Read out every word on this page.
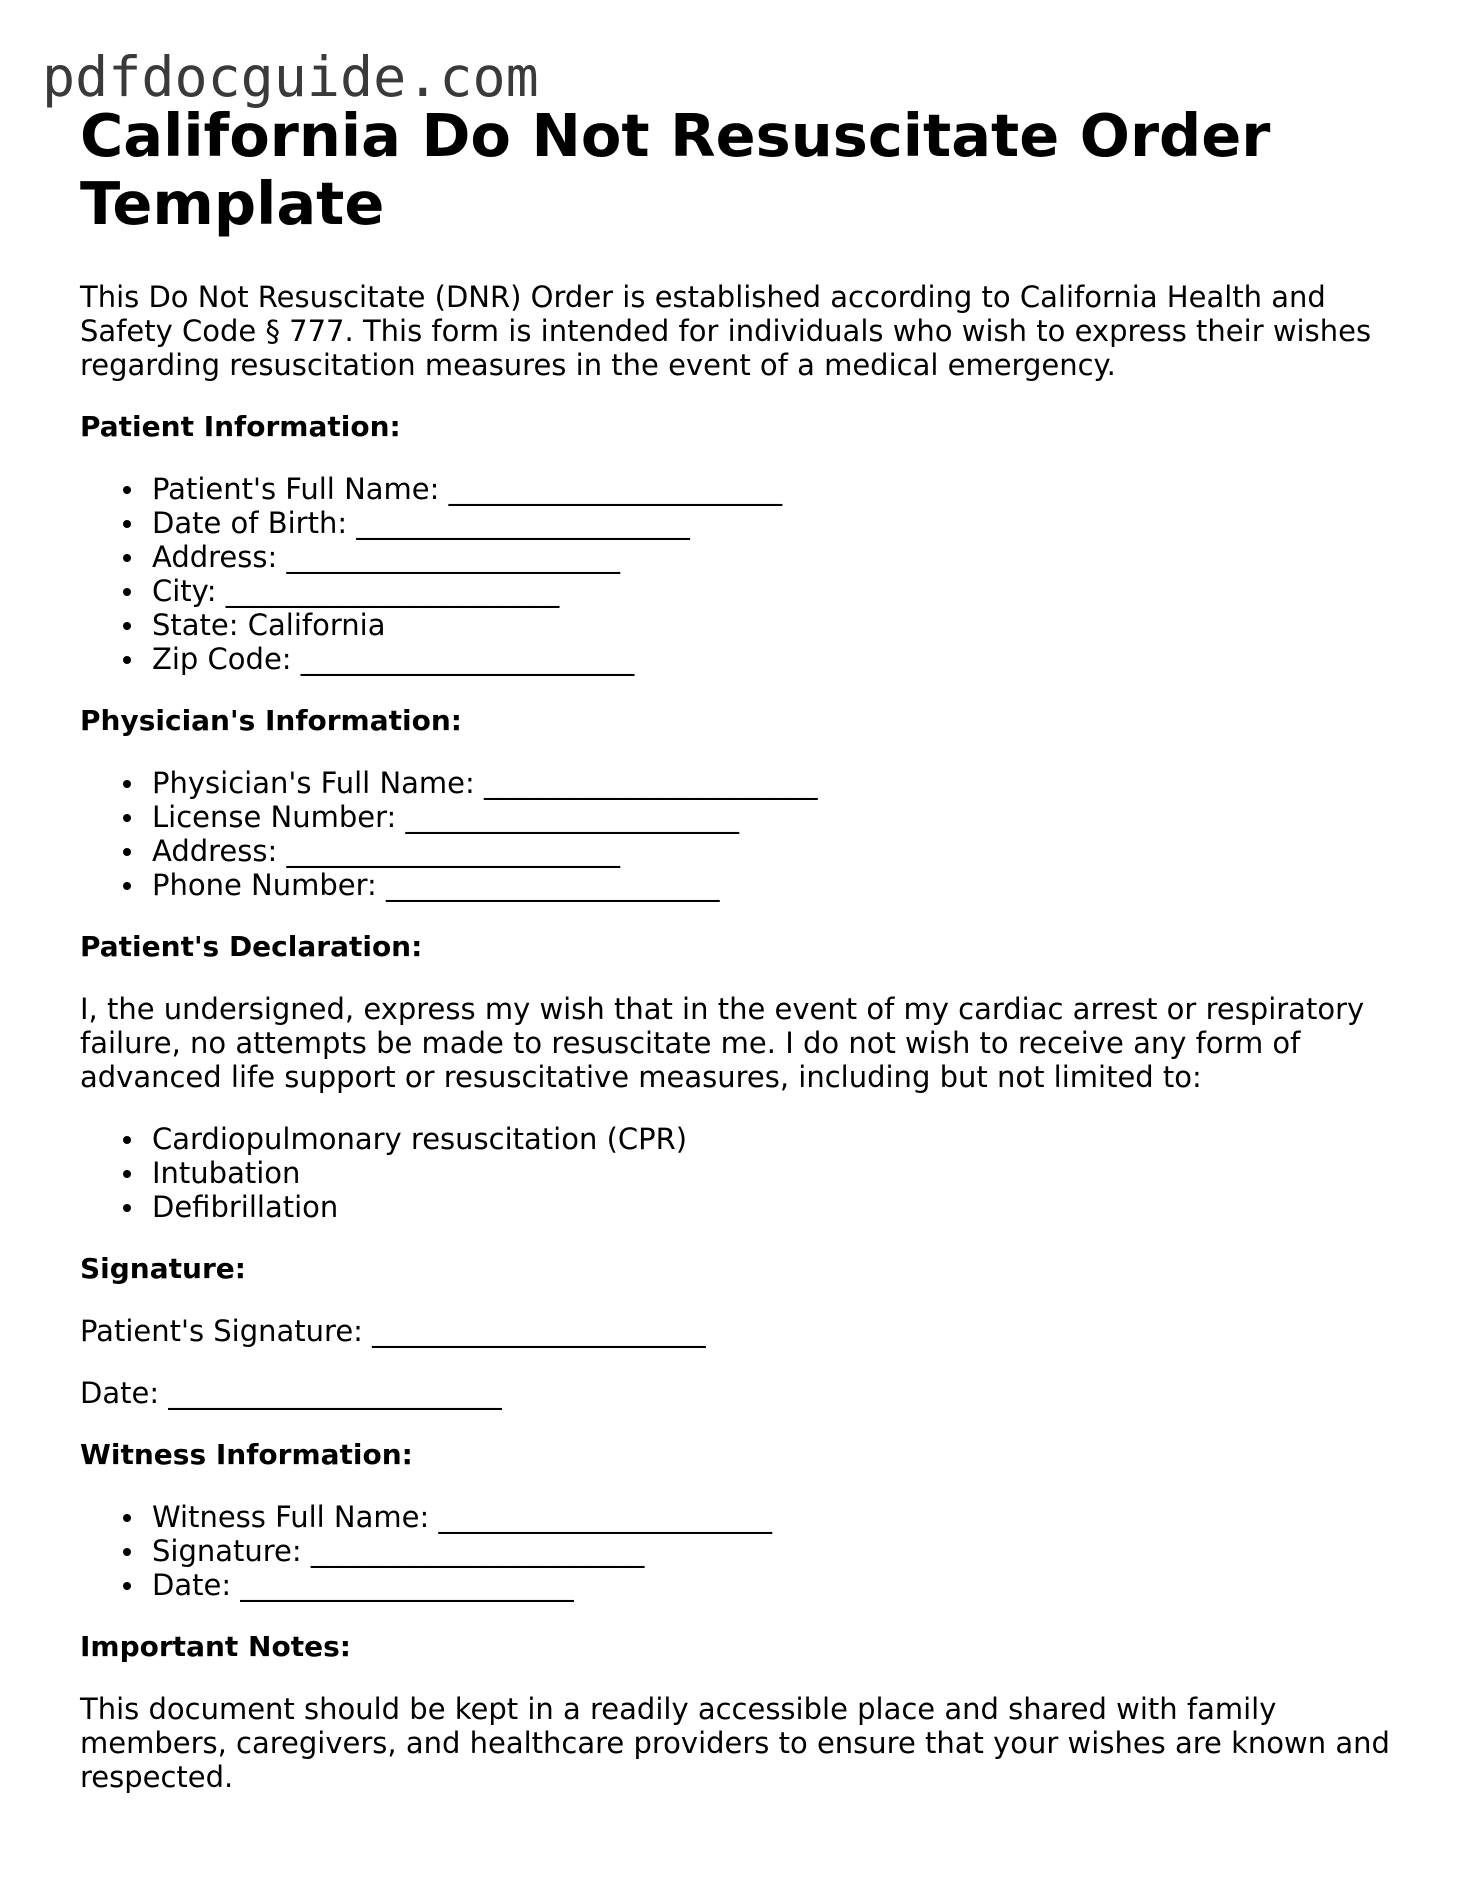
pdfdocguide.com
California Do Not Resuscitate Order Template

This Do Not Resuscitate (DNR) Order is established according to California Health and Safety Code § 777. This form is intended for individuals who wish to express their wishes regarding resuscitation measures in the event of a medical emergency.

Patient Information:
Patient's Full Name: _______________________
Date of Birth: _______________________
Address: _______________________
City: _______________________
State: California
Zip Code: _______________________
Physician's Information:
Physician's Full Name: _______________________
License Number: _______________________
Address: _______________________
Phone Number: _______________________
Patient's Declaration:

I, the undersigned, express my wish that in the event of my cardiac arrest or respiratory failure, no attempts be made to resuscitate me. I do not wish to receive any form of advanced life support or resuscitative measures, including but not limited to:

Cardiopulmonary resuscitation (CPR)
Intubation
Defibrillation
Signature:

Patient's Signature: _______________________

Date: _______________________

Witness Information:
Witness Full Name: _______________________
Signature: _______________________
Date: _______________________
Important Notes:

This document should be kept in a readily accessible place and shared with family members, caregivers, and healthcare providers to ensure that your wishes are known and respected.
